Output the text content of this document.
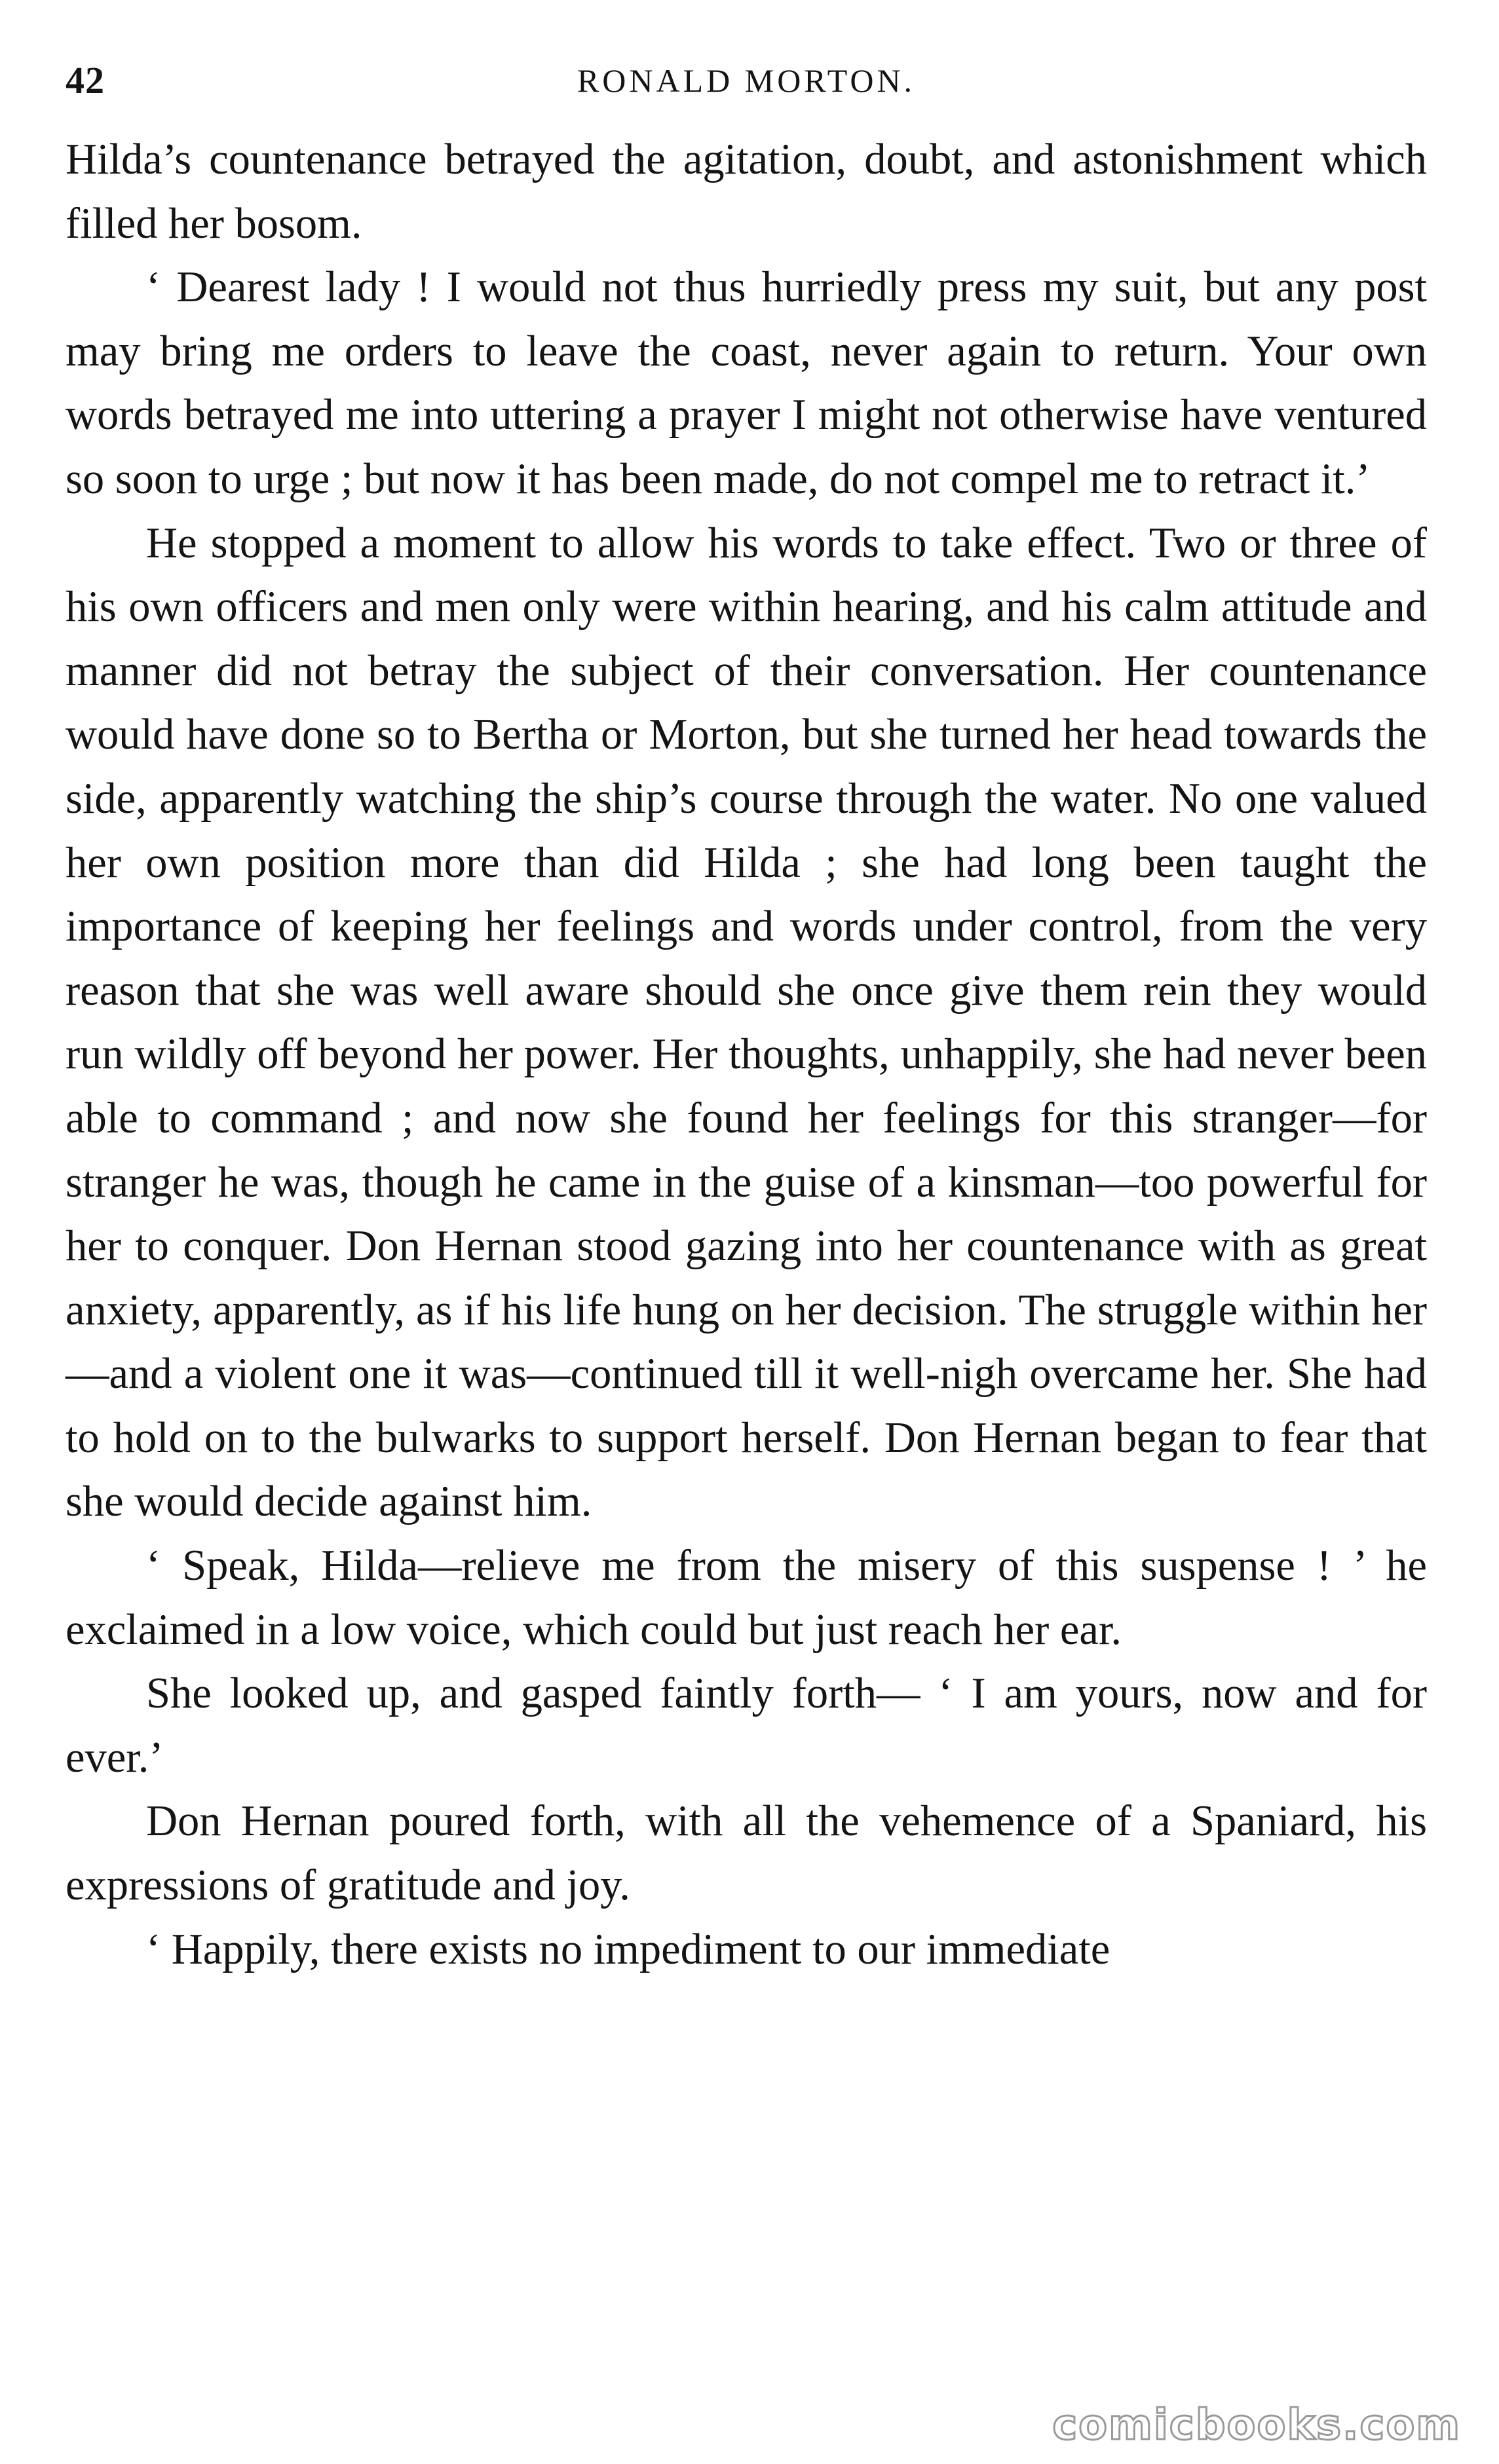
42	RONALD MORTON.

Hilda’s countenance betrayed the agitation, doubt, and astonishment which filled her bosom.

‘ Dearest lady ! I would not thus hurriedly press my suit, but any post may bring me orders to leave the coast, never again to return. Your own words betrayed me into uttering a prayer I might not otherwise have ventured so soon to urge ; but now it has been made, do not compel me to retract it.’

He stopped a moment to allow his words to take effect. Two or three of his own officers and men only were within hearing, and his calm attitude and manner did not betray the subject of their conversation. Her countenance would have done so to Bertha or Morton, but she turned her head towards the side, apparently watching the ship’s course through the water. No one valued her own position more than did Hilda ; she had long been taught the importance of keeping her feelings and words under control, from the very reason that she was well aware should she once give them rein they would run wildly off beyond her power. Her thoughts, unhappily, she had never been able to command ; and now she found her feelings for this stranger—for stranger he was, though he came in the guise of a kinsman—too powerful for her to conquer. Don Hernan stood gazing into her countenance with as great anxiety, apparently, as if his life hung on her decision. The struggle within her—and a violent one it was—continued till it well-nigh overcame her. She had to hold on to the bulwarks to support herself. Don Hernan began to fear that she would decide against him.

‘ Speak, Hilda—relieve me from the misery of this suspense ! ’ he exclaimed in a low voice, which could but just reach her ear.

She looked up, and gasped faintly forth— ‘ I am yours, now and for ever.’

Don Hernan poured forth, with all the vehemence of a Spaniard, his expressions of gratitude and joy.

‘ Happily, there exists no impediment to our immediate

comicbooks.com
